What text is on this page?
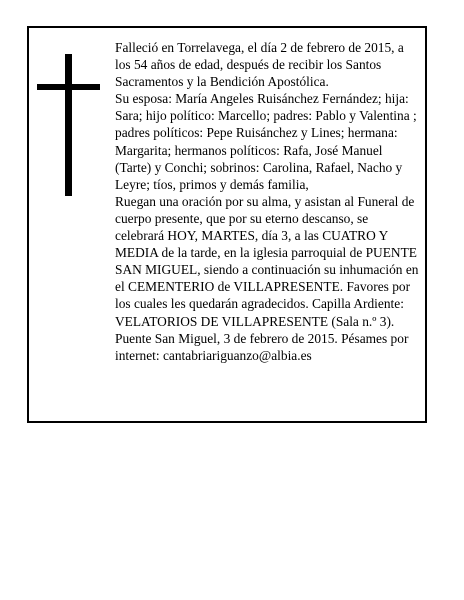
Falleció en Torrelavega, el día 2 de febrero de 2015, a los 54 años de edad, después de recibir los Santos Sacramentos y la Bendición Apostólica.

Su esposa: María Angeles Ruisánchez Fernández; hija: Sara; hijo político: Marcello; padres: Pablo y Valentina ; padres políticos: Pepe Ruisánchez y Lines; hermana: Margarita; hermanos políticos: Rafa, José Manuel (Tarte) y Conchi; sobrinos: Carolina, Rafael, Nacho y Leyre; tíos, primos y demás familia,

Ruegan una oración por su alma, y asistan al Funeral de cuerpo presente, que por su eterno descanso, se celebrará HOY, MARTES, día 3, a las CUATRO Y MEDIA de la tarde, en la iglesia parroquial de PUENTE SAN MIGUEL, siendo a continuación su inhumación en el CEMENTERIO de VILLAPRESENTE. Favores por los cuales les quedarán agradecidos. Capilla Ardiente: VELATORIOS DE VILLAPRESENTE (Sala n.º 3).

Puente San Miguel, 3 de febrero de 2015. Pésames por internet: cantabriariguanzo@albia.es
